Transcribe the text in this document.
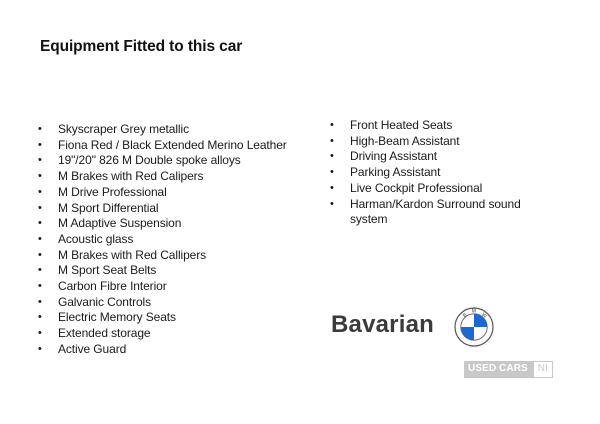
Equipment Fitted to this car
• Skyscraper Grey metallic
• Fiona Red / Black Extended Merino Leather
• 19"/20" 826 M Double spoke alloys
• M Brakes with Red Calipers
• M Drive Professional
• M Sport Differential
• M Adaptive Suspension
• Acoustic glass
• M Brakes with Red Callipers
• M Sport Seat Belts
• Carbon Fibre Interior
• Galvanic Controls
• Electric Memory Seats
• Extended storage
• Active Guard
• Front Heated Seats
• High-Beam Assistant
• Driving Assistant
• Parking Assistant
• Live Cockpit Professional
• Harman/Kardon Surround sound system
Bavarian	B
M
W
USED CARS	NI
